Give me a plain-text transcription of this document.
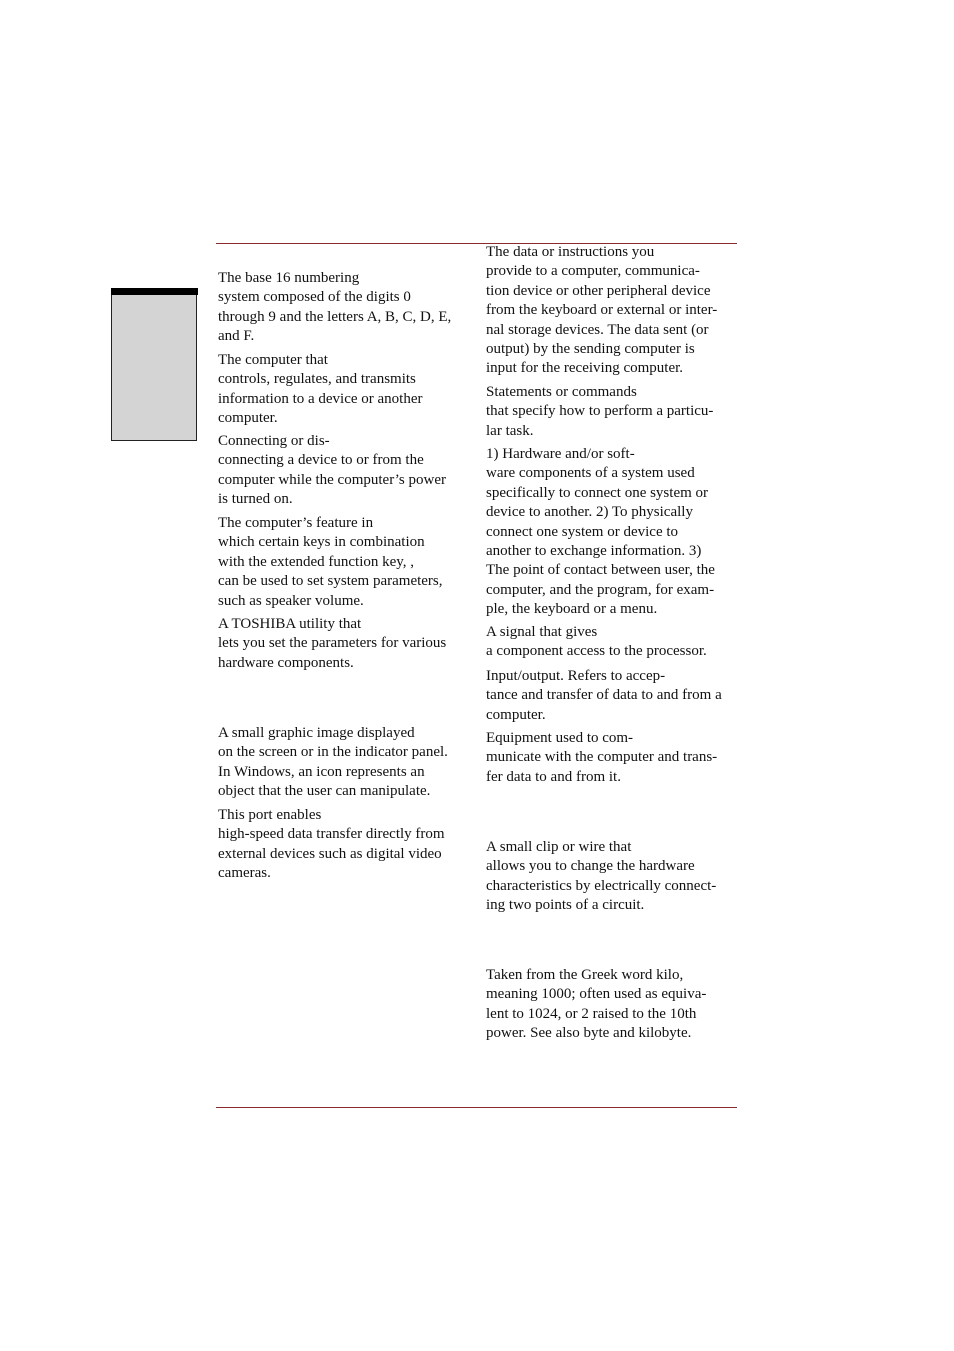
The base 16 numbering
system composed of the digits 0
through 9 and the letters A, B, C, D, E,
and F.

The computer that
controls, regulates, and transmits
information to a device or another
computer.

Connecting or dis-
connecting a device to or from the
computer while the computer’s power
is turned on.

The computer’s feature in
which certain keys in combination
with the extended function key, ,
can be used to set system parameters,
such as speaker volume.

A TOSHIBA utility that
lets you set the parameters for various
hardware components.

A small graphic image displayed
on the screen or in the indicator panel.
In Windows, an icon represents an
object that the user can manipulate.

This port enables
high-speed data transfer directly from
external devices such as digital video
cameras.

The data or instructions you
provide to a computer, communica-
tion device or other peripheral device
from the keyboard or external or inter-
nal storage devices. The data sent (or
output) by the sending computer is
input for the receiving computer.

Statements or commands
that specify how to perform a particu-
lar task.

1) Hardware and/or soft-
ware components of a system used
specifically to connect one system or
device to another. 2) To physically
connect one system or device to
another to exchange information. 3)
The point of contact between user, the
computer, and the program, for exam-
ple, the keyboard or a menu.

A signal that gives
a component access to the processor.

Input/output. Refers to accep-
tance and transfer of data to and from a
computer.

Equipment used to com-
municate with the computer and trans-
fer data to and from it.

A small clip or wire that
allows you to change the hardware
characteristics by electrically connect-
ing two points of a circuit.

Taken from the Greek word kilo,
meaning 1000; often used as equiva-
lent to 1024, or 2 raised to the 10th
power. See also byte and kilobyte.
